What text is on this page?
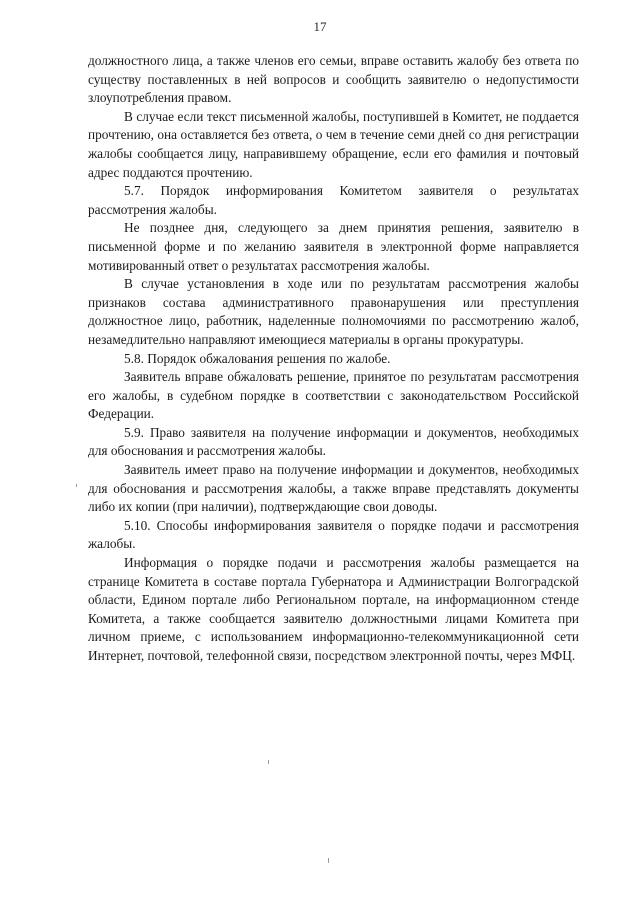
17

должностного лица, а также членов его семьи, вправе оставить жалобу без ответа по существу поставленных в ней вопросов и сообщить заявителю о недопустимости злоупотребления правом.

В случае если текст письменной жалобы, поступившей в Комитет, не поддается прочтению, она оставляется без ответа, о чем в течение семи дней со дня регистрации жалобы сообщается лицу, направившему обращение, если его фамилия и почтовый адрес поддаются прочтению.

5.7. Порядок информирования Комитетом заявителя о результатах рассмотрения жалобы.

Не позднее дня, следующего за днем принятия решения, заявителю в письменной форме и по желанию заявителя в электронной форме направляется мотивированный ответ о результатах рассмотрения жалобы.

В случае установления в ходе или по результатам рассмотрения жалобы признаков состава административного правонарушения или преступления должностное лицо, работник, наделенные полномочиями по рассмотрению жалоб, незамедлительно направляют имеющиеся материалы в органы прокуратуры.

5.8. Порядок обжалования решения по жалобе.

Заявитель вправе обжаловать решение, принятое по результатам рассмотрения его жалобы, в судебном порядке в соответствии с законодательством Российской Федерации.

5.9. Право заявителя на получение информации и документов, необходимых для обоснования и рассмотрения жалобы.

Заявитель имеет право на получение информации и документов, необходимых для обоснования и рассмотрения жалобы, а также вправе представлять документы либо их копии (при наличии), подтверждающие свои доводы.

5.10. Способы информирования заявителя о порядке подачи и рассмотрения жалобы.

Информация о порядке подачи и рассмотрения жалобы размещается на странице Комитета в составе портала Губернатора и Администрации Волгоградской области, Едином портале либо Региональном портале, на информационном стенде Комитета, а также сообщается заявителю должностными лицами Комитета при личном приеме, с использованием информационно-телекоммуникационной сети Интернет, почтовой, телефонной связи, посредством электронной почты, через МФЦ.
